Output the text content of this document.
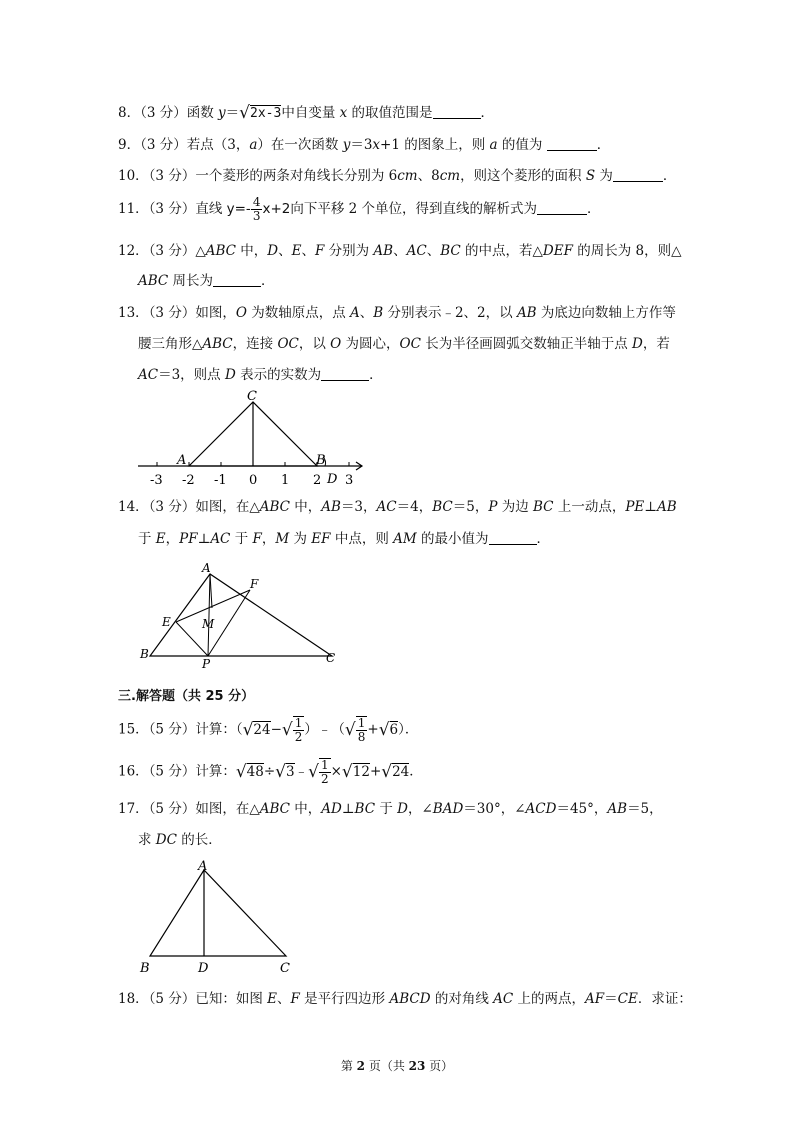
8．（3 分）函数 y＝√2x-3中自变量 x 的取值范围是	．
9．（3 分）若点（3，a）在一次函数 y＝3x+1 的图象上，则 a 的值为	．
10．（3 分）一个菱形的两条对角线长分别为 6cm、8cm，则这个菱形的面积 S 为	．
11．（3 分）直线 $y=- \frac{4}{3} x+2$向下平移 2 个单位，得到直线的解析式为	．
12．（3 分）△ABC 中，D、E、F 分别为 AB、AC、BC 的中点，若△DEF 的周长为 8，则△
ABC 周长为	．
13．（3 分）如图，O 为数轴原点，点 A、B 分别表示﹣2、2，以 AB 为底边向数轴上方作等
腰三角形△ABC，连接 OC，以 O 为圆心，OC 长为半径画圆弧交数轴正半轴于点 D，若
AC＝3，则点 D 表示的实数为	．
-3 -2 -1 0 1 2 3
A
C
B
D
14．（3 分）如图，在△ABC 中，AB＝3，AC＝4，BC＝5，P 为边 BC 上一动点，PE⊥AB
于 E，PF⊥AC 于 F，M 为 EF 中点，则 AM 的最小值为	．
A
B	C
E
F
M
P
三.解答题（共 25 分）
15．（5 分）计算：（$√24-√ \frac{1}{2}$ ）﹣（√ $\frac{1}{8} +√6$）．
16．（5 分）计算：√48÷√3﹣√ $\frac{1}{2} \times√12+√24$．
17．（5 分）如图，在△ABC 中，AD⊥BC 于 D，∠BAD＝30°，∠ACD＝45°，AB＝5，
求 DC 的长．
A
B	D	C
18．（5 分）已知：如图 E、F 是平行四边形 ABCD 的对角线 AC 上的两点，AF＝CE．求证：
第 2 页（共 23 页）
